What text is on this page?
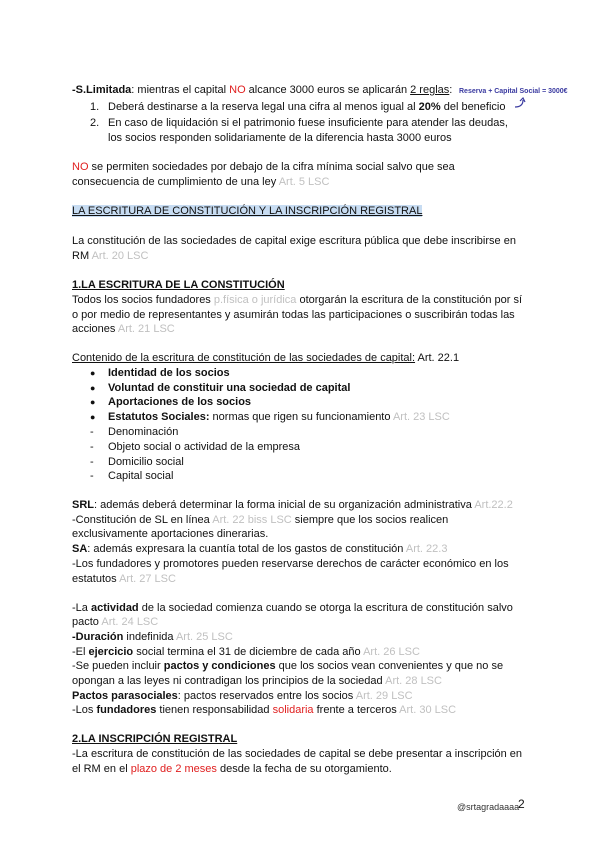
-S.Limitada: mientras el capital NO alcance 3000 euros se aplicarán 2 reglas: Reserva + Capital Social = 3000€
1. Deberá destinarse a la reserva legal una cifra al menos igual al 20% del beneficio
2. En caso de liquidación si el patrimonio fuese insuficiente para atender las deudas,
los socios responden solidariamente de la diferencia hasta 3000 euros
NO se permiten sociedades por debajo de la cifra mínima social salvo que sea
consecuencia de cumplimiento de una ley Art. 5 LSC
LA ESCRITURA DE CONSTITUCIÓN Y LA INSCRIPCIÓN REGISTRAL
La constitución de las sociedades de capital exige escritura pública que debe inscribirse en
RM Art. 20 LSC
1.LA ESCRITURA DE LA CONSTITUCIÓN
Todos los socios fundadores p.física o jurídica otorgarán la escritura de la constitución por sí
o por medio de representantes y asumirán todas las participaciones o suscribirán todas las
acciones Art. 21 LSC
Contenido de la escritura de constitución de las sociedades de capital: Art. 22.1
● Identidad de los socios
● Voluntad de constituir una sociedad de capital
● Aportaciones de los socios
● Estatutos Sociales: normas que rigen su funcionamiento Art. 23 LSC
- Denominación
- Objeto social o actividad de la empresa
- Domicilio social
- Capital social
SRL: además deberá determinar la forma inicial de su organización administrativa Art.22.2
-Constitución de SL en línea Art. 22 biss LSC siempre que los socios realicen
exclusivamente aportaciones dinerarias.
SA: además expresara la cuantía total de los gastos de constitución Art. 22.3
-Los fundadores y promotores pueden reservarse derechos de carácter económico en los
estatutos Art. 27 LSC
-La actividad de la sociedad comienza cuando se otorga la escritura de constitución salvo
pacto Art. 24 LSC
-Duración indefinida Art. 25 LSC
-El ejercicio social termina el 31 de diciembre de cada año Art. 26 LSC
-Se pueden incluir pactos y condiciones que los socios vean convenientes y que no se
opongan a las leyes ni contradigan los principios de la sociedad Art. 28 LSC
Pactos parasociales: pactos reservados entre los socios Art. 29 LSC
-Los fundadores tienen responsabilidad solidaria frente a terceros Art. 30 LSC
2.LA INSCRIPCIÓN REGISTRAL
-La escritura de constitución de las sociedades de capital se debe presentar a inscripción en
el RM en el plazo de 2 meses desde la fecha de su otorgamiento.
@srtagradaaaa
2
